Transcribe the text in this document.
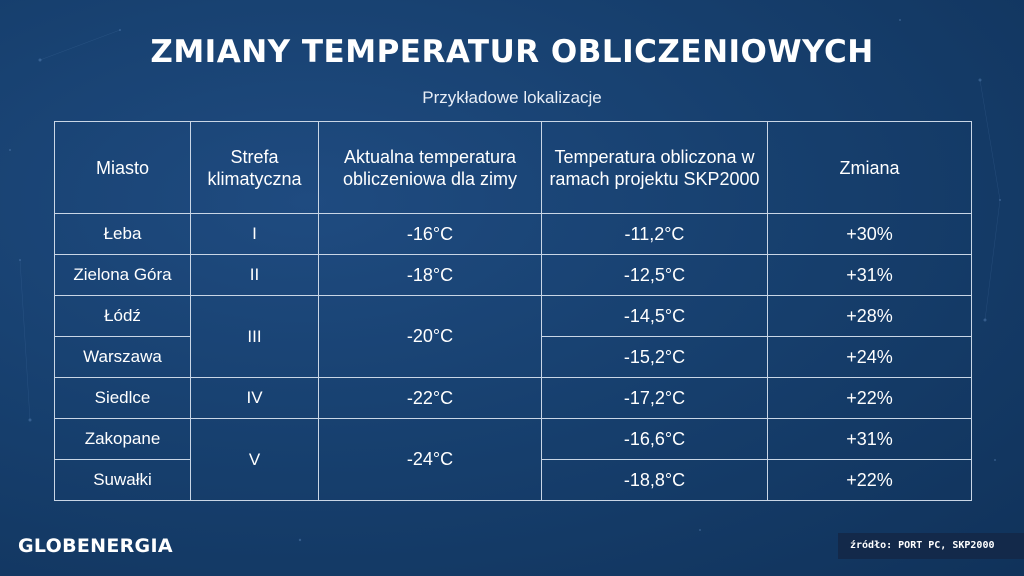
ZMIANY TEMPERATUR OBLICZENIOWYCH
Przykładowe lokalizacje
Miasto	Strefa klimatyczna	Aktualna temperatura obliczeniowa dla zimy	Temperatura obliczona w ramach projektu SKP2000	Zmiana
Łeba	I	-16°C	-11,2°C	+30%
Zielona Góra	II	-18°C	-12,5°C	+31%
Łódź	III	-20°C	-14,5°C	+28%
Warszawa			-15,2°C	+24%
Siedlce	IV	-22°C	-17,2°C	+22%
Zakopane	V	-24°C	-16,6°C	+31%
Suwałki			-18,8°C	+22%
GLOBENERGIA	źródło: PORT PC, SKP2000
